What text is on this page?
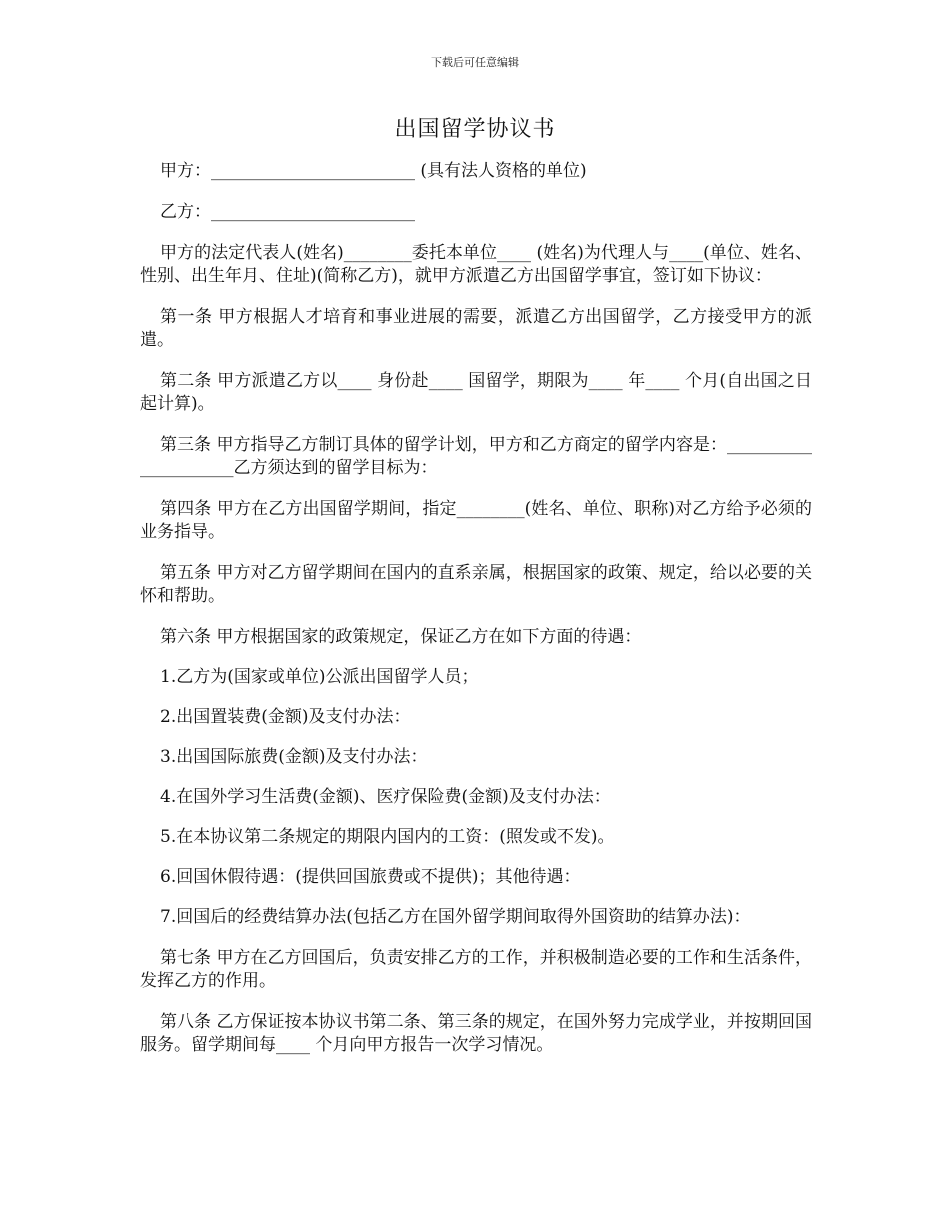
下载后可任意编辑
出国留学协议书

甲方：________________________ (具有法人资格的单位)

乙方：________________________

甲方的法定代表人(姓名)________委托本单位____ (姓名)为代理人与____(单位、姓名、性别、出生年月、住址)(简称乙方)，就甲方派遣乙方出国留学事宜，签订如下协议：

第一条 甲方根据人才培育和事业进展的需要，派遣乙方出国留学，乙方接受甲方的派遣。

第二条 甲方派遣乙方以____ 身份赴____ 国留学，期限为____ 年____ 个月(自出国之日起计算)。

第三条 甲方指导乙方制订具体的留学计划，甲方和乙方商定的留学内容是：_____________________乙方须达到的留学目标为：

第四条 甲方在乙方出国留学期间，指定________(姓名、单位、职称)对乙方给予必须的业务指导。

第五条 甲方对乙方留学期间在国内的直系亲属，根据国家的政策、规定，给以必要的关怀和帮助。

第六条 甲方根据国家的政策规定，保证乙方在如下方面的待遇：

1.乙方为(国家或单位)公派出国留学人员；

2.出国置装费(金额)及支付办法：

3.出国国际旅费(金额)及支付办法：

4.在国外学习生活费(金额)、医疗保险费(金额)及支付办法：

5.在本协议第二条规定的期限内国内的工资：(照发或不发)。

6.回国休假待遇：(提供回国旅费或不提供)；其他待遇：

7.回国后的经费结算办法(包括乙方在国外留学期间取得外国资助的结算办法)：

第七条 甲方在乙方回国后，负责安排乙方的工作，并积极制造必要的工作和生活条件，发挥乙方的作用。

第八条 乙方保证按本协议书第二条、第三条的规定，在国外努力完成学业，并按期回国服务。留学期间每____ 个月向甲方报告一次学习情况。
